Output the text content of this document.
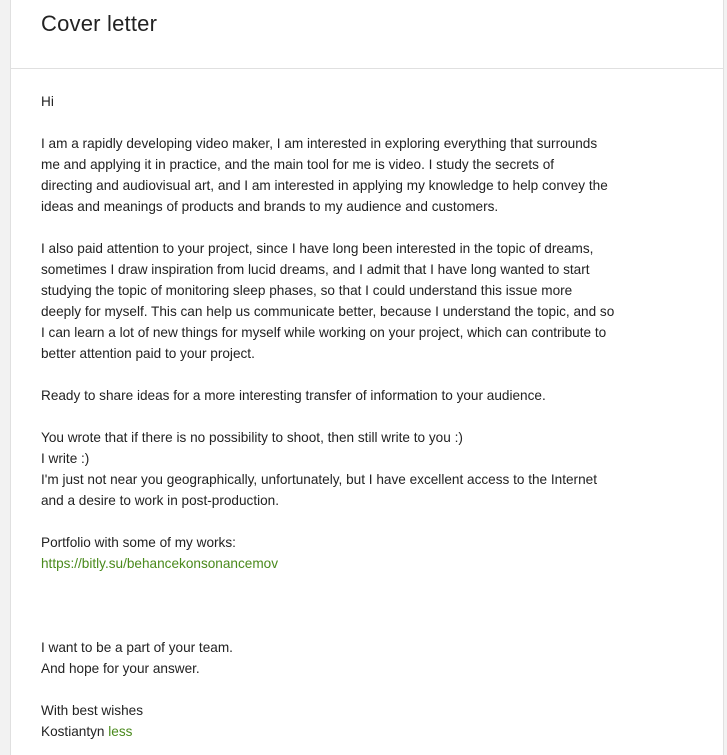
Cover letter
Hi
I am a rapidly developing video maker, I am interested in exploring everything that surrounds
me and applying it in practice, and the main tool for me is video. I study the secrets of
directing and audiovisual art, and I am interested in applying my knowledge to help convey the
ideas and meanings of products and brands to my audience and customers.
I also paid attention to your project, since I have long been interested in the topic of dreams,
sometimes I draw inspiration from lucid dreams, and I admit that I have long wanted to start
studying the topic of monitoring sleep phases, so that I could understand this issue more
deeply for myself. This can help us communicate better, because I understand the topic, and so
I can learn a lot of new things for myself while working on your project, which can contribute to
better attention paid to your project.
Ready to share ideas for a more interesting transfer of information to your audience.
You wrote that if there is no possibility to shoot, then still write to you :)
I write :)
I'm just not near you geographically, unfortunately, but I have excellent access to the Internet
and a desire to work in post-production.
Portfolio with some of my works:
https://bitly.su/behancekonsonancemov
I want to be a part of your team.
And hope for your answer.
With best wishes
Kostiantyn less
